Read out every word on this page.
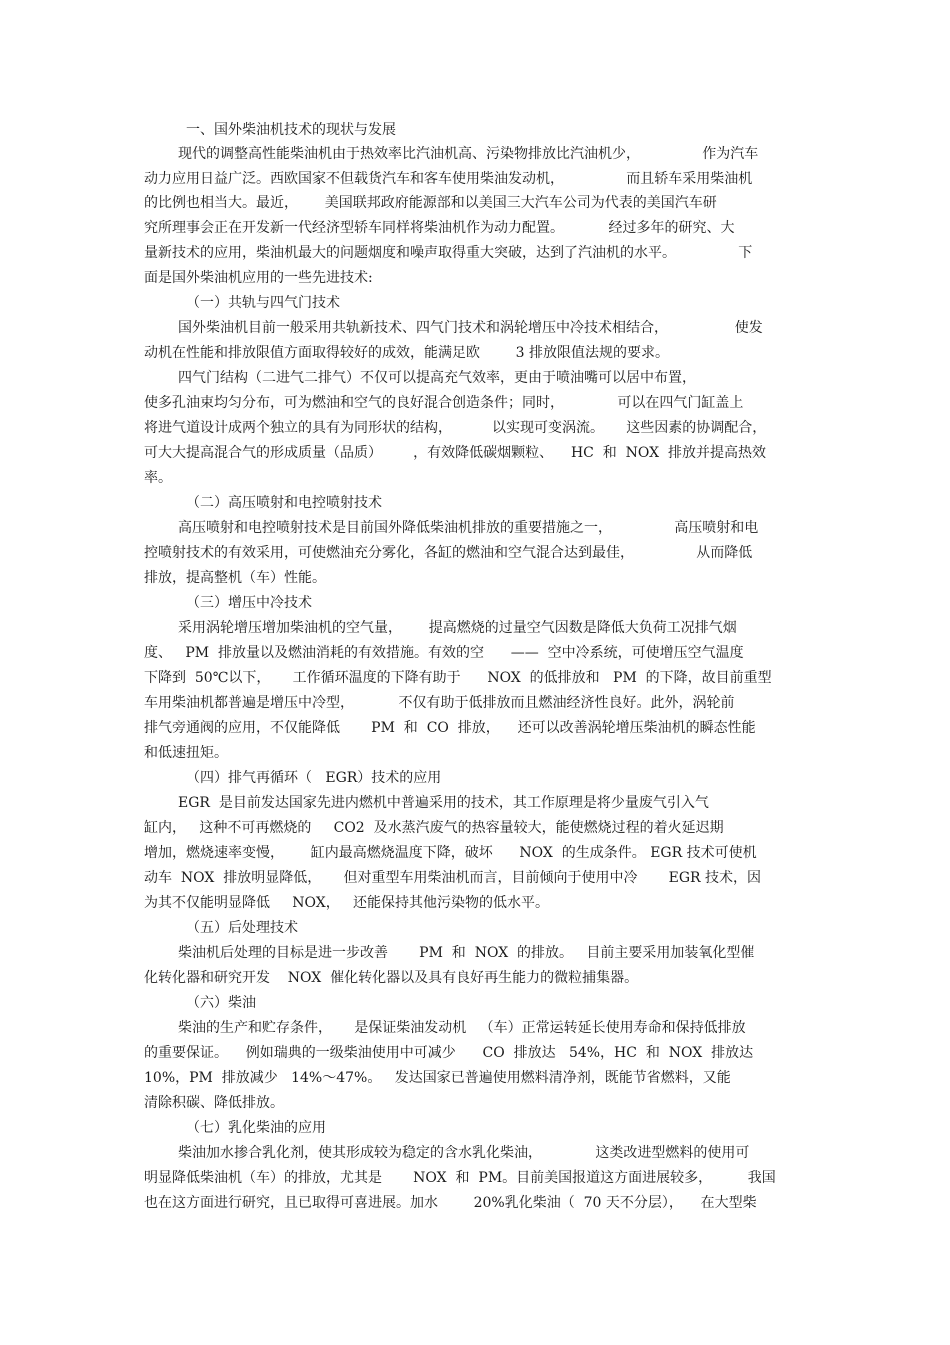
一、国外柴油机技术的现状与发展

现代的调整高性能柴油机由于热效率比汽油机高、污染物排放比汽油机少，              作为汽车

动力应用日益广泛。西欧国家不但载货汽车和客车使用柴油发动机，              而且轿车采用柴油机

的比例也相当大。最近，      美国联邦政府能源部和以美国三大汽车公司为代表的美国汽车研

究所理事会正在开发新一代经济型轿车同样将柴油机作为动力配置。          经过多年的研究、大

量新技术的应用，柴油机最大的问题烟度和噪声取得重大突破，达到了汽油机的水平。              下

面是国外柴油机应用的一些先进技术:

（一）共轨与四气门技术

国外柴油机目前一般采用共轨新技术、四气门技术和涡轮增压中冷技术相结合，               使发

动机在性能和排放限值方面取得较好的成效，能满足欧        3 排放限值法规的要求。

四气门结构（二进气二排气）不仅可以提高充气效率，更由于喷油嘴可以居中布置，

使多孔油束均匀分布，可为燃油和空气的良好混合创造条件；同时，            可以在四气门缸盖上

将进气道设计成两个独立的具有为同形状的结构，         以实现可变涡流。     这些因素的协调配合，

可大大提高混合气的形成质量（品质）       ，有效降低碳烟颗粒、    HC  和  NOX  排放并提高热效

率。

（二）高压喷射和电控喷射技术

高压喷射和电控喷射技术是目前国外降低柴油机排放的重要措施之一，              高压喷射和电

控喷射技术的有效采用，可使燃油充分雾化，各缸的燃油和空气混合达到最佳，              从而降低

排放，提高整机（车）性能。

（三）增压中冷技术

采用涡轮增压增加柴油机的空气量，      提高燃烧的过量空气因数是降低大负荷工况排气烟

度、   PM  排放量以及燃油消耗的有效措施。有效的空      ——  空中冷系统，可使增压空气温度

下降到  50℃以下，     工作循环温度的下降有助于      NOX  的低排放和   PM  的下降，故目前重型

车用柴油机都普遍是增压中冷型，          不仅有助于低排放而且燃油经济性良好。此外，涡轮前

排气旁通阀的应用，不仅能降低       PM  和  CO  排放，    还可以改善涡轮增压柴油机的瞬态性能

和低速扭矩。

（四）排气再循环（   EGR）技术的应用

EGR  是目前发达国家先进内燃机中普遍采用的技术，其工作原理是将少量废气引入气

缸内，   这种不可再燃烧的     CO2  及水蒸汽废气的热容量较大，能使燃烧过程的着火延迟期

增加，燃烧速率变慢，      缸内最高燃烧温度下降，破坏      NOX  的生成条件。 EGR 技术可使机

动车  NOX  排放明显降低，     但对重型车用柴油机而言，目前倾向于使用中冷       EGR 技术，因

为其不仅能明显降低     NOX，   还能保持其他污染物的低水平。

（五）后处理技术

柴油机后处理的目标是进一步改善       PM  和  NOX  的排放。   目前主要采用加装氧化型催

化转化器和研究开发    NOX  催化转化器以及具有良好再生能力的微粒捕集器。

（六）柴油

柴油的生产和贮存条件，     是保证柴油发动机   （车）正常运转延长使用寿命和保持低排放

的重要保证。    例如瑞典的一级柴油使用中可减少      CO  排放达   54%，HC  和  NOX  排放达

10%，PM  排放减少   14%～47%。   发达国家已普遍使用燃料清净剂，既能节省燃料，又能

清除积碳、降低排放。

（七）乳化柴油的应用

柴油加水掺合乳化剂，使其形成较为稳定的含水乳化柴油，            这类改进型燃料的使用可

明显降低柴油机（车）的排放，尤其是       NOX  和  PM。目前美国报道这方面进展较多，        我国

也在这方面进行研究，且已取得可喜进展。加水        20%乳化柴油（  70 天不分层），    在大型柴
